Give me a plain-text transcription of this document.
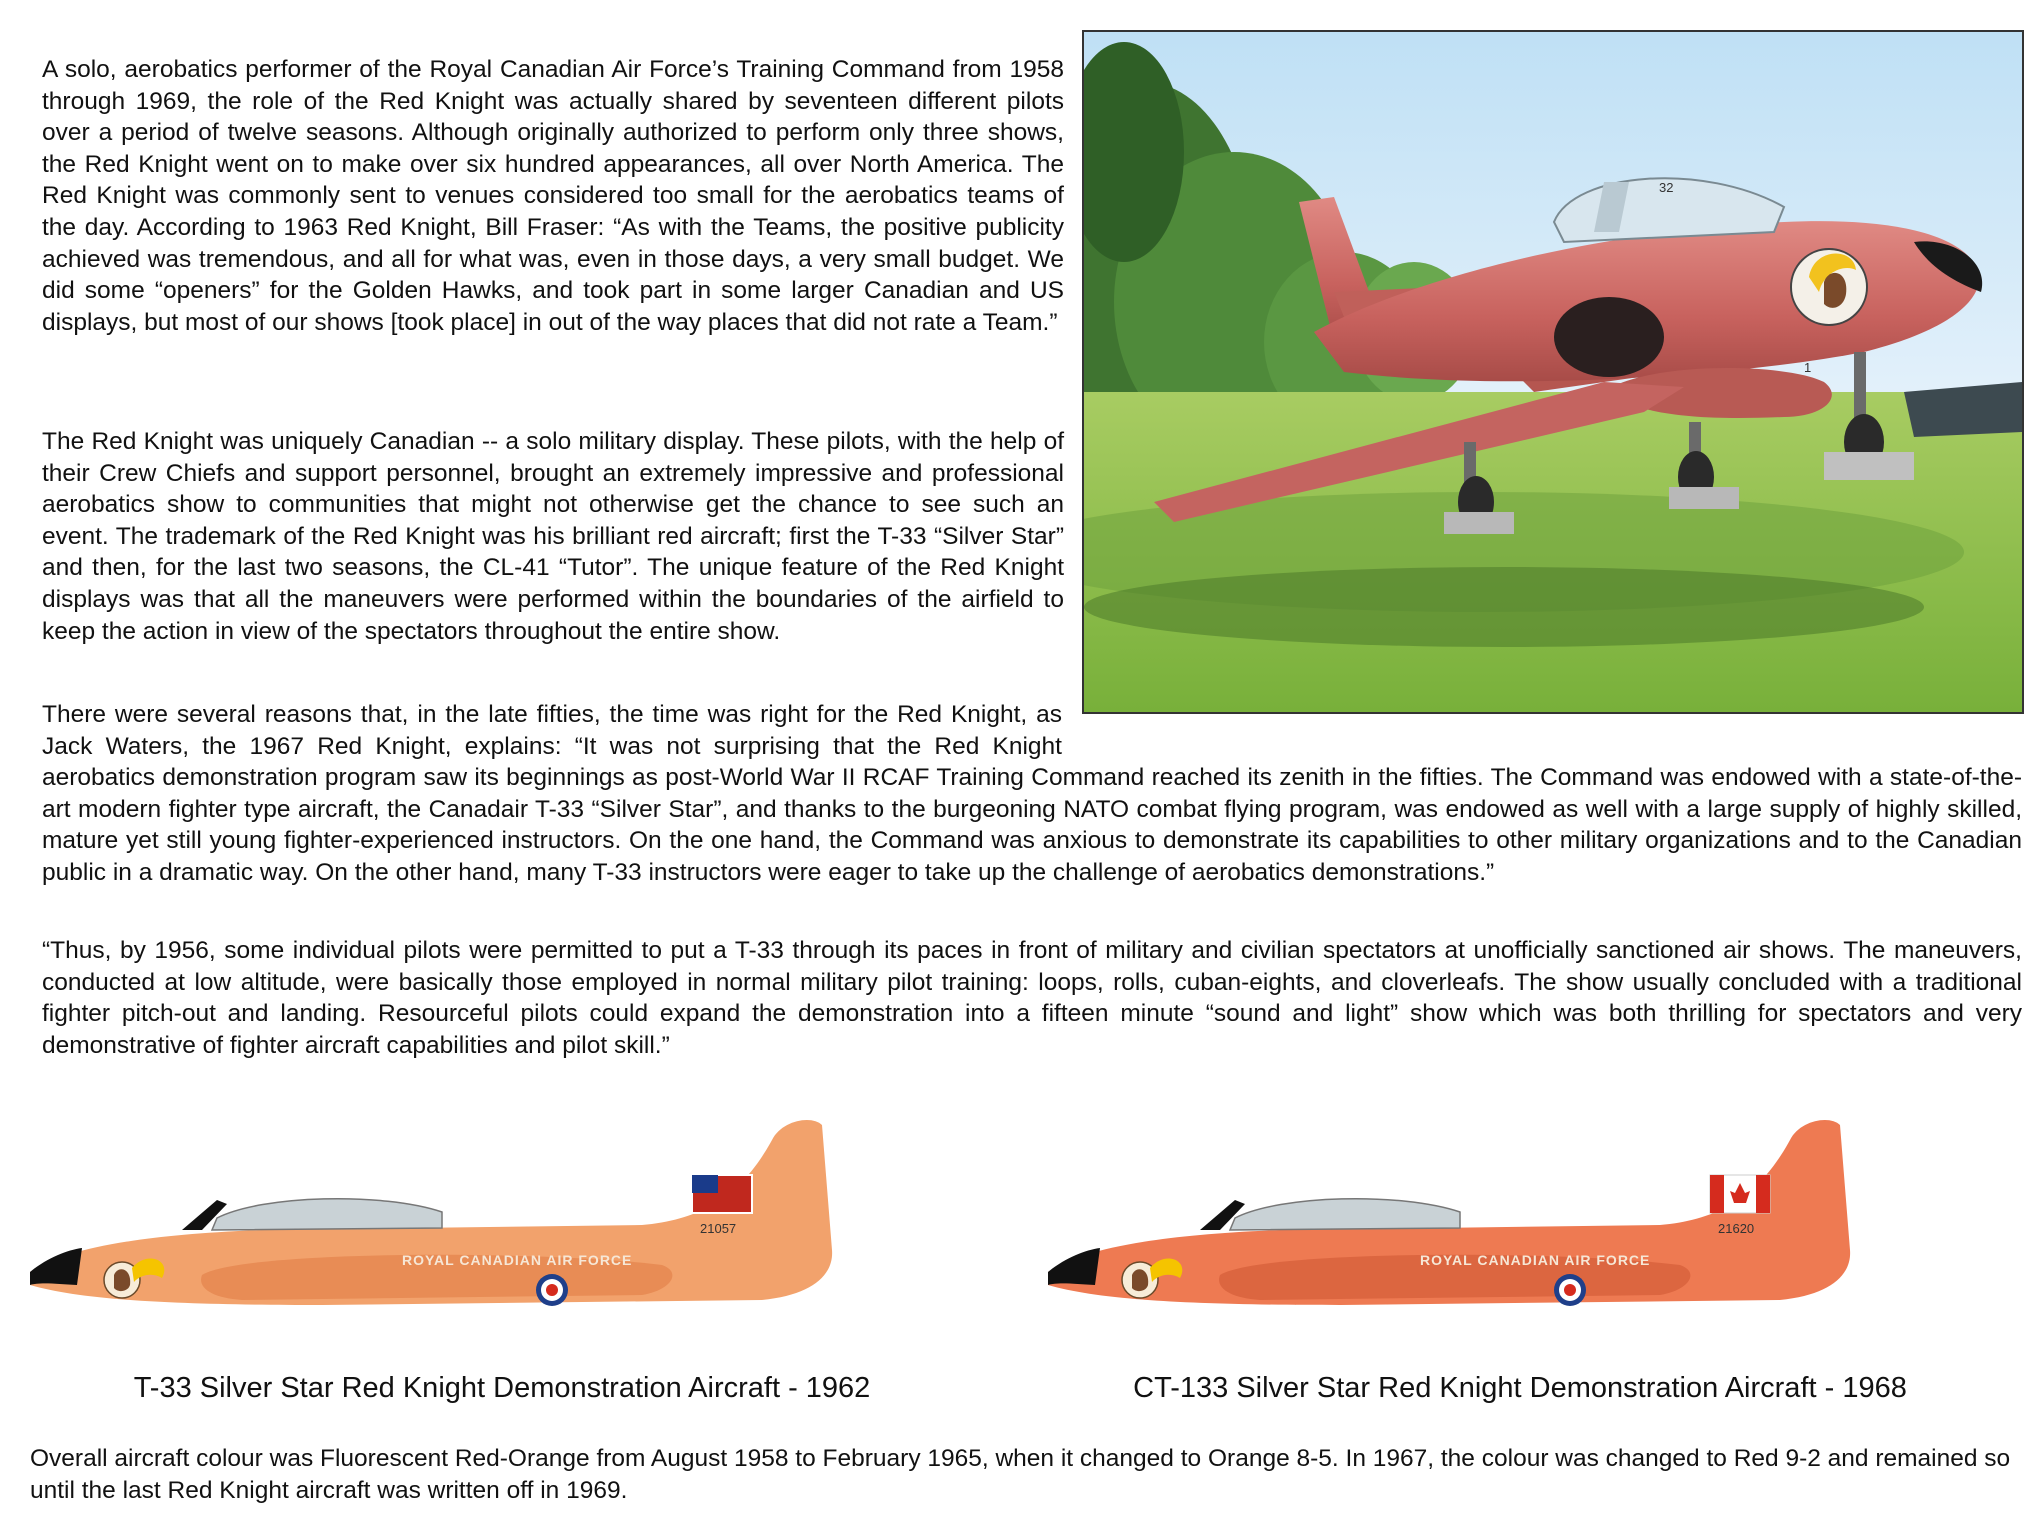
A solo, aerobatics performer of the Royal Canadian Air Force’s Training Command from 1958 through 1969, the role of the Red Knight was actually shared by seventeen different pilots over a period of twelve seasons. Although originally authorized to perform only three shows, the Red Knight went on to make over six hundred appearances, all over North America. The Red Knight was commonly sent to venues considered too small for the aerobatics teams of the day. According to 1963 Red Knight, Bill Fraser: “As with the Teams, the positive publicity achieved was tremendous, and all for what was, even in those days, a very small budget. We did some “openers” for the Golden Hawks, and took part in some larger Canadian and US displays, but most of our shows [took place] in out of the way places that did not rate a Team.”

The Red Knight was uniquely Canadian -- a solo military display. These pilots, with the help of their Crew Chiefs and support personnel, brought an extremely impressive and professional aerobatics show to communities that might not otherwise get the chance to see such an event. The trademark of the Red Knight was his brilliant red aircraft; first the T-33 “Silver Star” and then, for the last two seasons, the CL-41 “Tutor”. The unique feature of the Red Knight displays was that all the maneuvers were performed within the boundaries of the airfield to keep the action in view of the spectators throughout the entire show.

There were several reasons that, in the late fifties, the time was right for the Red Knight, as Jack Waters, the 1967 Red Knight, explains: “It was not surprising that the Red Knight aerobatics demonstration program saw its beginnings as post-World War II RCAF Training Command reached its zenith in the fifties. The Command was endowed with a state-of-the-art modern fighter type aircraft, the Canadair T-33 “Silver Star”, and thanks to the burgeoning NATO combat flying program, was endowed as well with a large supply of highly skilled, mature yet still young fighter-experienced instructors. On the one hand, the Command was anxious to demonstrate its capabilities to other military organizations and to the Canadian public in a dramatic way. On the other hand, many T-33 instructors were eager to take up the challenge of aerobatics demonstrations.”

“Thus, by 1956, some individual pilots were permitted to put a T-33 through its paces in front of military and civilian spectators at unofficially sanctioned air shows. The maneuvers, conducted at low altitude, were basically those employed in normal military pilot training: loops, rolls, cuban-eights, and cloverleafs. The show usually concluded with a traditional fighter pitch-out and landing. Resourceful pilots could expand the demonstration into a fifteen minute “sound and light” show which was both thrilling for spectators and very demonstrative of fighter aircraft capabilities and pilot skill.”

32
1
21057
ROYAL CANADIAN AIR FORCE
21620
ROYAL CANADIAN AIR FORCE
T-33 Silver Star Red Knight Demonstration Aircraft - 1962	CT-133 Silver Star Red Knight Demonstration Aircraft - 1968

Overall aircraft colour was Fluorescent Red-Orange from August 1958 to February 1965, when it changed to Orange 8-5. In 1967, the colour was changed to Red 9-2 and remained so until the last Red Knight aircraft was written off in 1969.
